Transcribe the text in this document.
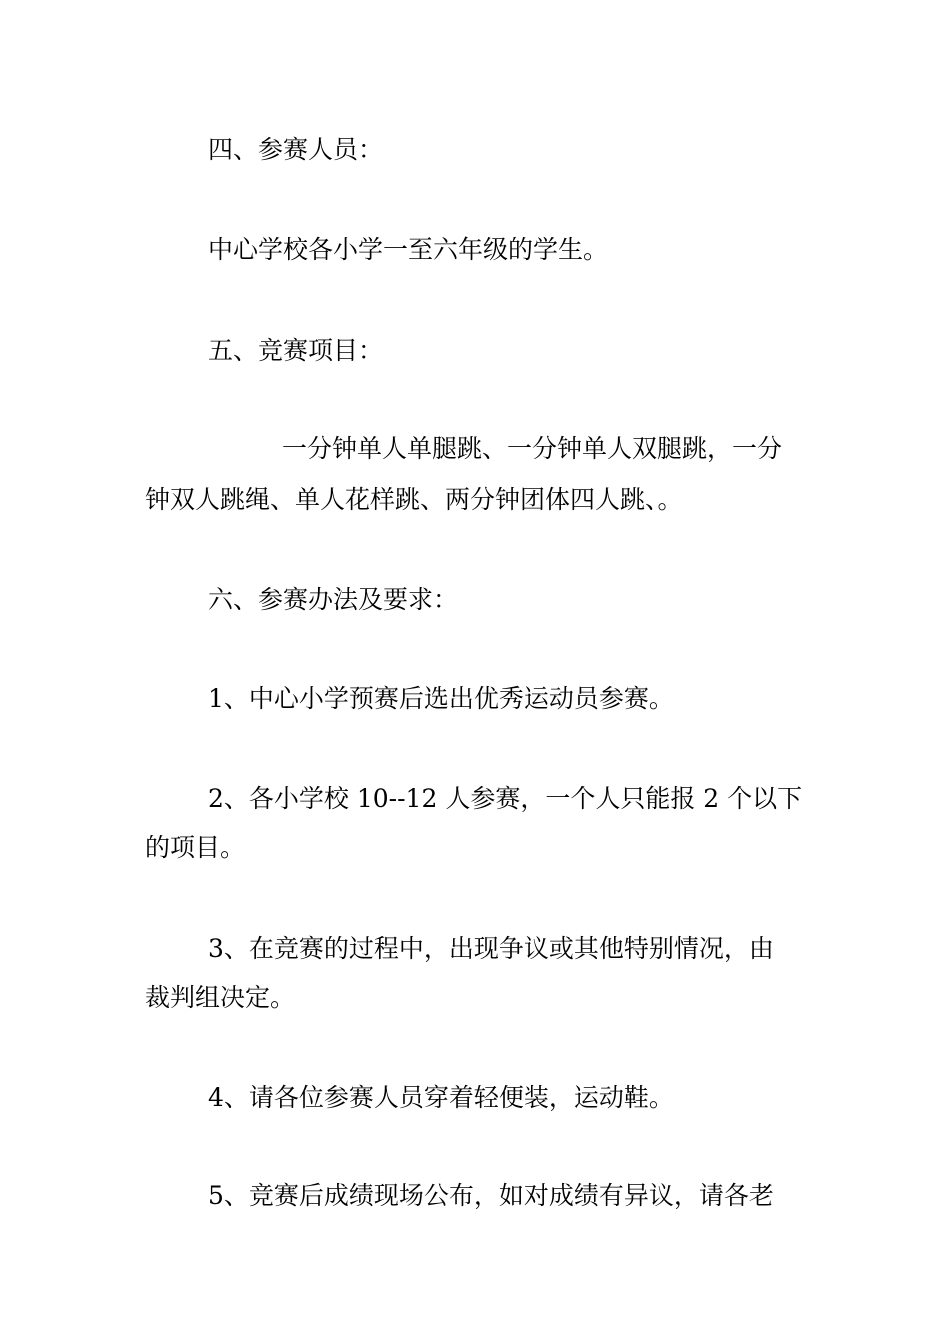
四、参赛人员：
中心学校各小学一至六年级的学生。
五、竞赛项目：
一分钟单人单腿跳、一分钟单人双腿跳，一分
钟双人跳绳、单人花样跳、两分钟团体四人跳、。
六、参赛办法及要求：
1、中心小学预赛后选出优秀运动员参赛。
2、各小学校 10--12 人参赛，一个人只能报 2 个以下
的项目。
3、在竞赛的过程中，出现争议或其他特别情况，由
裁判组决定。
4、请各位参赛人员穿着轻便装，运动鞋。
5、竞赛后成绩现场公布，如对成绩有异议，请各老
